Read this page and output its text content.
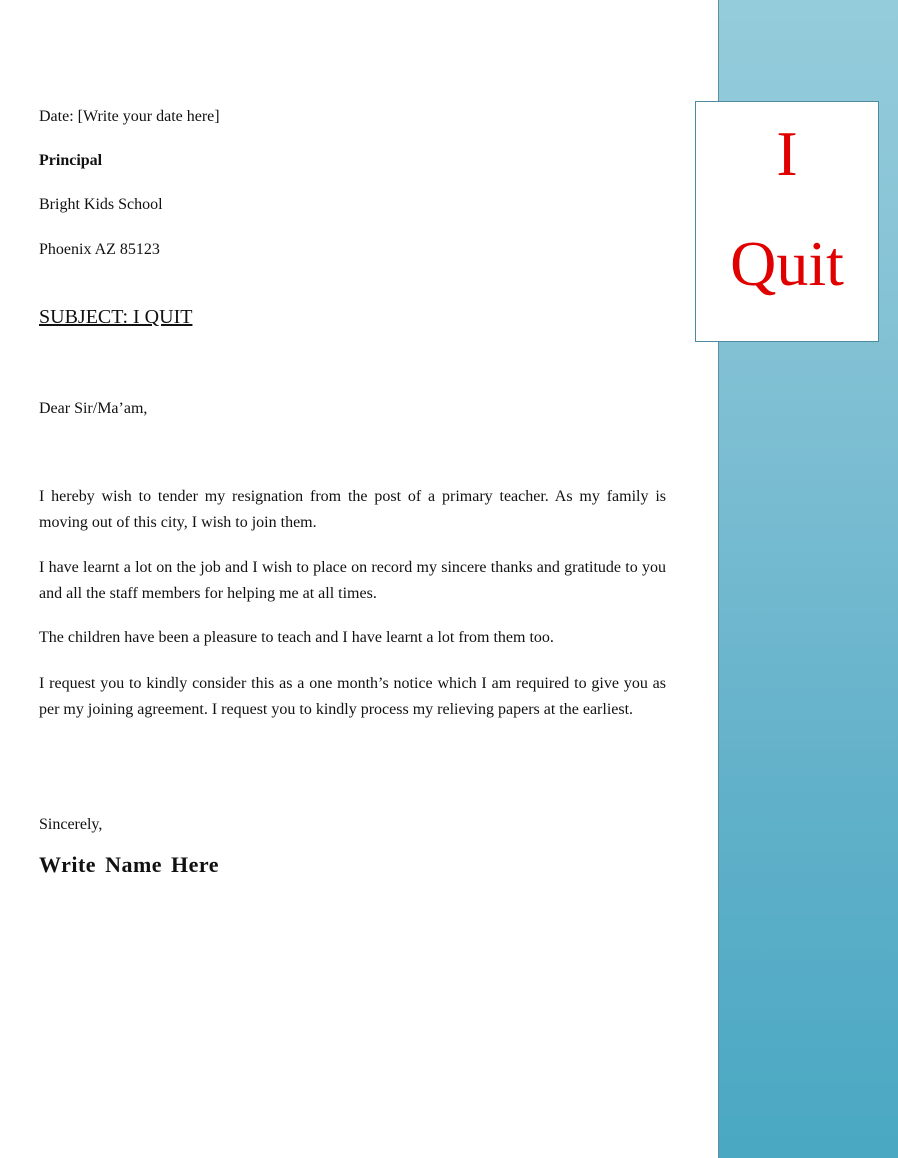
I
Quit
Date: [Write your date here]
Principal
Bright Kids School
Phoenix AZ 85123
SUBJECT: I QUIT
Dear Sir/Ma’am,
I hereby wish to tender my resignation from the post of a primary teacher. As my family is moving out of this city, I wish to join them.
I have learnt a lot on the job and I wish to place on record my sincere thanks and gratitude to you and all the staff members for helping me at all times.
The children have been a pleasure to teach and I have learnt a lot from them too.
I request you to kindly consider this as a one month’s notice which I am required to give you as per my joining agreement. I request you to kindly process my relieving papers at the earliest.
Sincerely,
Write Name Here
